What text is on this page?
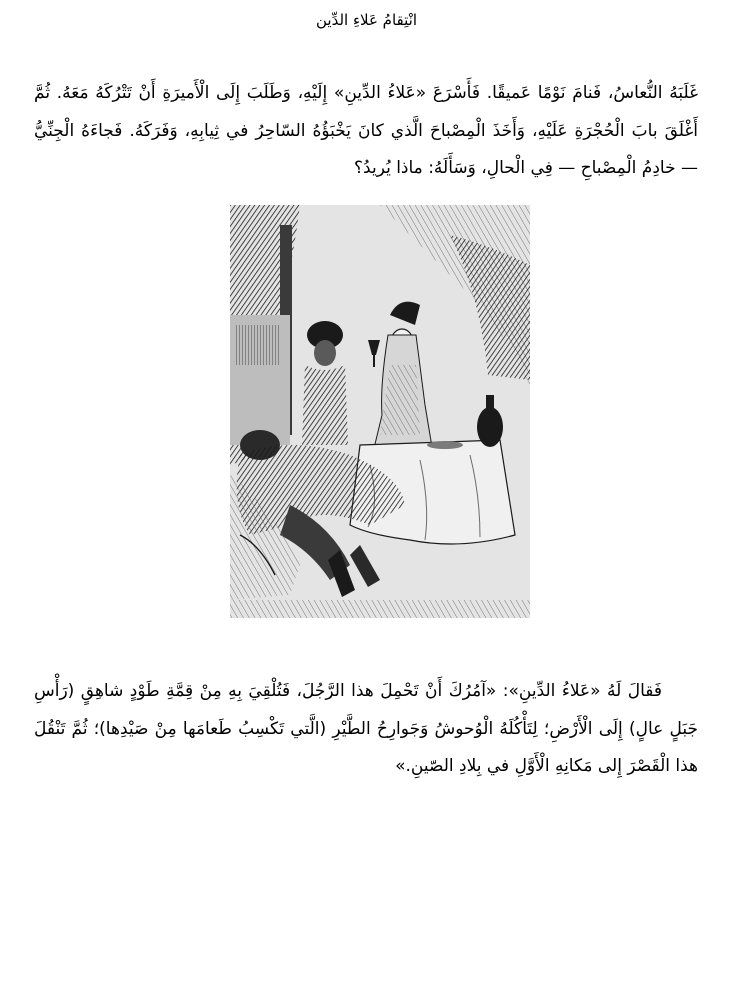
انْتِقامُ عَلاءِ الدِّين

غَلَبَهُ النُّعاسُ، فَنامَ نَوْمًا عَميقًا. فَأَسْرَعَ «عَلاءُ الدِّينِ» إِلَيْهِ، وَطَلَبَ إِلَى الْأَميرَةِ أَنْ تَتْرُكَهُ مَعَهُ. ثُمَّ أَغْلَقَ بابَ الْحُجْرَةِ عَلَيْهِ، وَأَخَذَ الْمِصْباحَ الَّذي كانَ يَخْبَؤُهُ السّاحِرُ في ثِيابِهِ، وَفَرَكَهُ. فَجاءَهُ الْجِنِّيُّ — خادِمُ الْمِصْباحِ — فِي الْحالِ، وَسَأَلَهُ: ماذا يُريدُ؟

فَقالَ لَهُ «عَلاءُ الدِّينِ»: «آمُرُكَ أَنْ تَحْمِلَ هذا الرَّجُلَ، فَتُلْقِيَ بِهِ مِنْ قِمَّةِ طَوْدٍ شاهِقٍ (رَأْسِ جَبَلٍ عالٍ) إِلَى الْأَرْضِ؛ لِتَأْكُلَهُ الْوُحوشُ وَجَوارِحُ الطَّيْرِ (الَّتي تَكْسِبُ طَعامَها مِنْ صَيْدِها)؛ ثُمَّ تَنْقُلَ هذا الْقَصْرَ إِلى مَكانِهِ الْأَوَّلِ في بِلادِ الصّينِ.»
